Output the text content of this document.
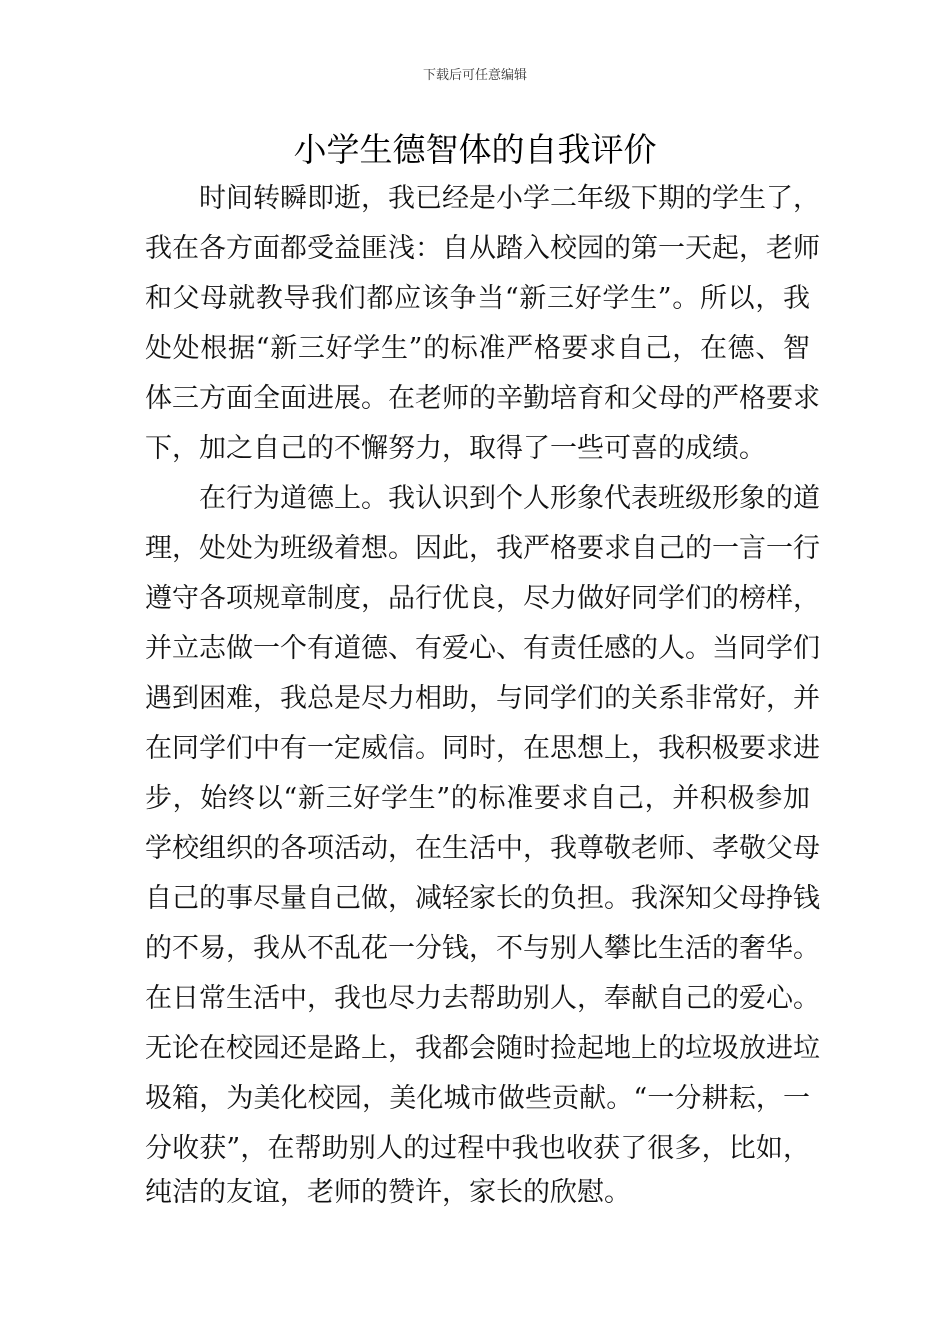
下载后可任意编辑
小学生德智体的自我评价
时间转瞬即逝，我已经是小学二年级下期的学生了，
我在各方面都受益匪浅：自从踏入校园的第一天起，老师
和父母就教导我们都应该争当“新三好学生”。所以，我
处处根据“新三好学生”的标准严格要求自己，在德、智
体三方面全面进展。在老师的辛勤培育和父母的严格要求
下，加之自己的不懈努力，取得了一些可喜的成绩。
在行为道德上。我认识到个人形象代表班级形象的道
理，处处为班级着想。因此，我严格要求自己的一言一行
遵守各项规章制度，品行优良，尽力做好同学们的榜样，
并立志做一个有道德、有爱心、有责任感的人。当同学们
遇到困难，我总是尽力相助，与同学们的关系非常好，并
在同学们中有一定威信。同时，在思想上，我积极要求进
步，始终以“新三好学生”的标准要求自己，并积极参加
学校组织的各项活动，在生活中，我尊敬老师、孝敬父母
自己的事尽量自己做，减轻家长的负担。我深知父母挣钱
的不易，我从不乱花一分钱，不与别人攀比生活的奢华。
在日常生活中，我也尽力去帮助别人，奉献自己的爱心。
无论在校园还是路上，我都会随时捡起地上的垃圾放进垃
圾箱，为美化校园，美化城市做些贡献。“一分耕耘，一
分收获”，在帮助别人的过程中我也收获了很多，比如，
纯洁的友谊，老师的赞许，家长的欣慰。
